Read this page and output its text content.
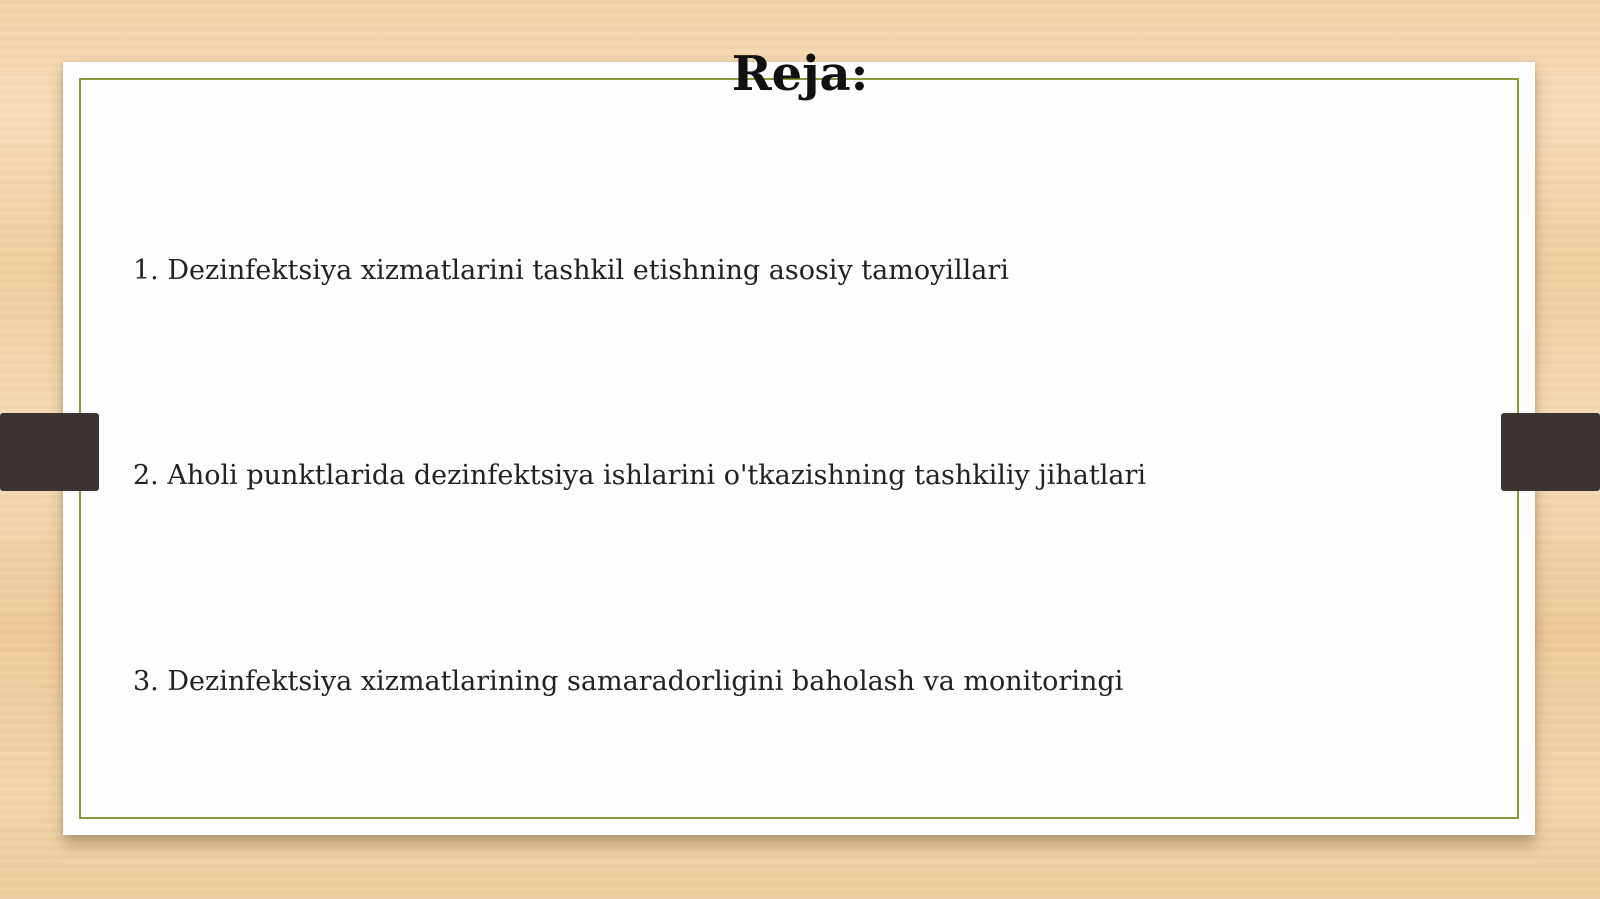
Reja:

1. Dezinfektsiya xizmatlarini tashkil etishning asosiy tamoyillari

2. Aholi punktlarida dezinfektsiya ishlarini o'tkazishning tashkiliy jihatlari

3. Dezinfektsiya xizmatlarining samaradorligini baholash va monitoringi
